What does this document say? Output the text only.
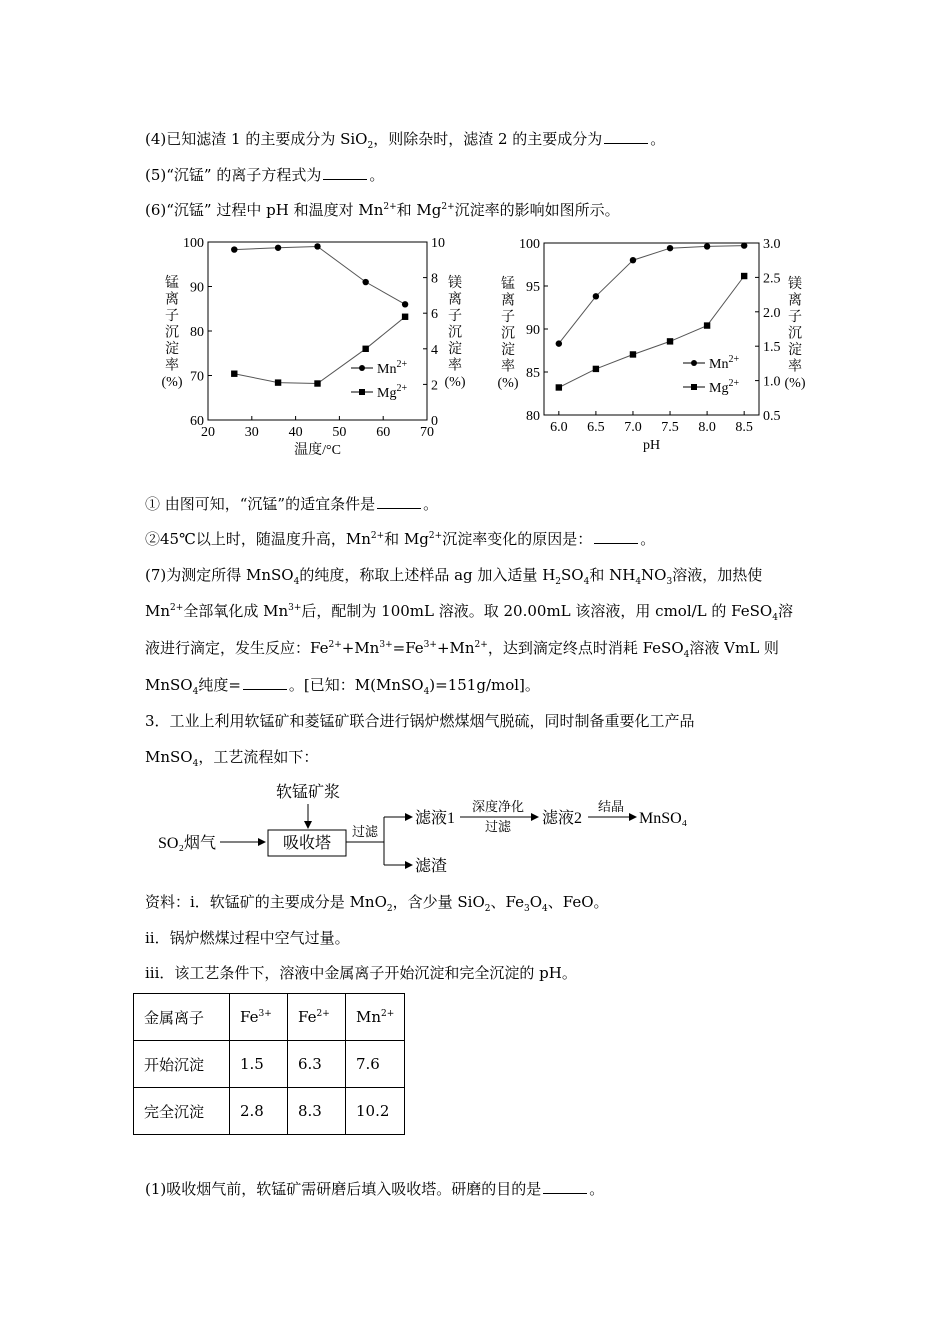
(4)已知滤渣 1 的主要成分为 SiO$_2$，则除杂时，滤渣 2 的主要成分为	。
(5)“沉锰” 的离子方程式为	。
(6)“沉锰” 过程中 pH 和温度对 $Mn^{2+}$和 $Mg^{2+}$沉淀率的影响如图所示。
20 30 40 50 60 70
60
70
80
90
100
0
2
4
6
8
10
温度/°C
锰
离
子
沉
淀
率
(%)
镁
离
子
沉
淀
率
(%)
$Mn^{2+}$
$Mg^{2+}$
6.0 6.5 7.0 7.5 8.0 8.5
80
85
90
95
100
0.5
1.0
1.5
2.0
2.5
3.0
pH
锰
离
子
沉
淀
率
(%)
镁
离
子
沉
淀
率
(%)
$Mn^{2+}$
$Mg^{2+}$
① 由图可知，“沉锰”的适宜条件是	。
②45℃以上时，随温度升高，$Mn^{2+}$和 $Mg^{2+}$沉淀率变化的原因是：	。
(7)为测定所得 MnSO$_4$的纯度，称取上述样品 ag 加入适量 $H_2SO_4$和 $NH_4NO_3$溶液，加热使
$Mn^{2+}$全部氧化成 $Mn^{3+}$后，配制为 100mL 溶液。取 20.00mL 该溶液，用 cmol/L 的 FeSO$_4$溶
液进行滴定，发生反应：$Fe^{2+}+Mn^{3+}=Fe^{3+}+Mn^{2+}$，达到滴定终点时消耗 FeSO$_4$溶液 VmL 则
MnSO$_4$纯度=	。[已知：M(MnSO$_4$)=151g/mol]。
3．工业上利用软锰矿和菱锰矿联合进行锅炉燃煤烟气脱硫，同时制备重要化工产品
MnSO$_4$，工艺流程如下：
软锰矿浆
SO₂烟气	吸收塔
过滤
滤液1
滤渣
深度净化
过滤 滤液2
结晶
MnSO₄
资料：i．软锰矿的主要成分是 MnO$_2$，含少量 SiO$_2$、$Fe_3O_4$、FeO。
ii．锅炉燃煤过程中空气过量。
iii．该工艺条件下，溶液中金属离子开始沉淀和完全沉淀的 pH。
金属离子	$Fe^{3+}$	$Fe^{2+}$	$Mn^{2+}$
开始沉淀	1.5	6.3	7.6
完全沉淀	2.8	8.3	10.2
(1)吸收烟气前，软锰矿需研磨后填入吸收塔。研磨的目的是	。
